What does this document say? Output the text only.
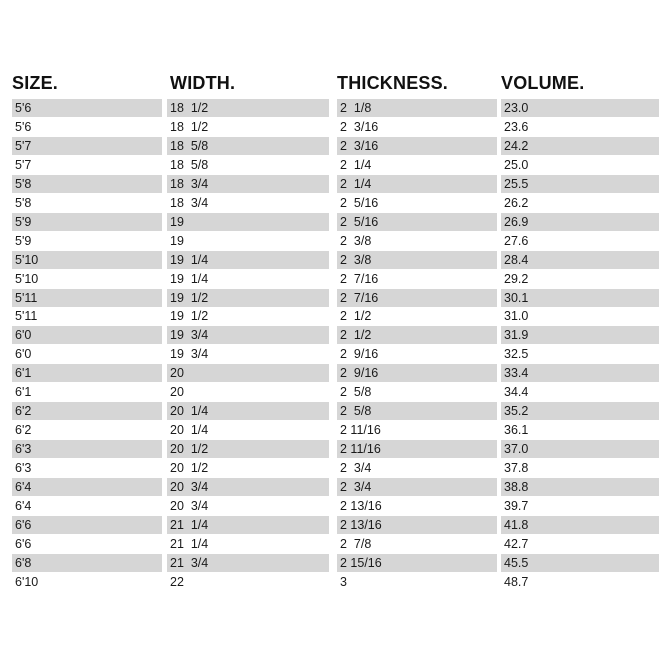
SIZE.	WIDTH.	THICKNESS.	VOLUME.
5'6	18  1/2	2  1/8	23.0
5'6	18  1/2	2  3/16	23.6
5'7	18  5/8	2  3/16	24.2
5'7	18  5/8	2  1/4	25.0
5'8	18  3/4	2  1/4	25.5
5'8	18  3/4	2  5/16	26.2
5'9	19	2  5/16	26.9
5'9	19	2  3/8	27.6
5'10	19  1/4	2  3/8	28.4
5'10	19  1/4	2  7/16	29.2
5'11	19  1/2	2  7/16	30.1
5'11	19  1/2	2  1/2	31.0
6'0	19  3/4	2  1/2	31.9
6'0	19  3/4	2  9/16	32.5
6'1	20	2  9/16	33.4
6'1	20	2  5/8	34.4
6'2	20  1/4	2  5/8	35.2
6'2	20  1/4	2 11/16	36.1
6'3	20  1/2	2 11/16	37.0
6'3	20  1/2	2  3/4	37.8
6'4	20  3/4	2  3/4	38.8
6'4	20  3/4	2 13/16	39.7
6'6	21  1/4	2 13/16	41.8
6'6	21  1/4	2  7/8	42.7
6'8	21  3/4	2 15/16	45.5
6'10	22	3	48.7
